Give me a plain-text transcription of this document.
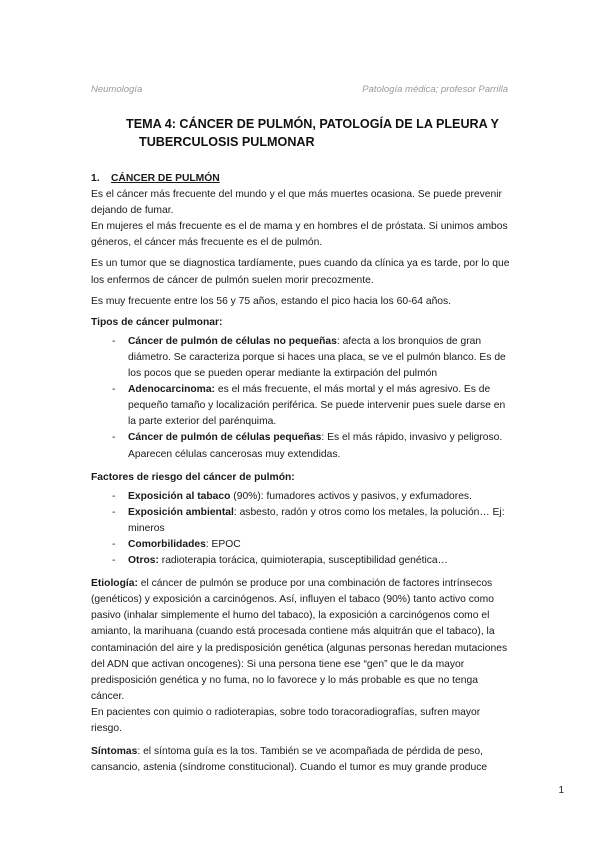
Neumología	Patología médica; profesor Parrilla
TEMA 4: CÁNCER DE PULMÓN, PATOLOGÍA DE LA PLEURA Y
TUBERCULOSIS PULMONAR

1. CÁNCER DE PULMÓN

Es el cáncer más frecuente del mundo y el que más muertes ocasiona. Se puede prevenir dejando de fumar.

En mujeres el más frecuente es el de mama y en hombres el de próstata. Si unimos ambos géneros, el cáncer más frecuente es el de pulmón.

Es un tumor que se diagnostica tardíamente, pues cuando da clínica ya es tarde, por lo que los enfermos de cáncer de pulmón suelen morir precozmente.

Es muy frecuente entre los 56 y 75 años, estando el pico hacia los 60-64 años.

Tipos de cáncer pulmonar:

- Cáncer de pulmón de células no pequeñas: afecta a los bronquios de gran diámetro. Se caracteriza porque si haces una placa, se ve el pulmón blanco. Es de los pocos que se pueden operar mediante la extirpación del pulmón
- Adenocarcinoma: es el más frecuente, el más mortal y el más agresivo. Es de pequeño tamaño y localización periférica. Se puede intervenir pues suele darse en la parte exterior del parénquima.
- Cáncer de pulmón de células pequeñas: Es el más rápido, invasivo y peligroso. Aparecen células cancerosas muy extendidas.

Factores de riesgo del cáncer de pulmón:

- Exposición al tabaco (90%): fumadores activos y pasivos, y exfumadores.
- Exposición ambiental: asbesto, radón y otros como los metales, la polución… Ej: mineros
- Comorbilidades: EPOC
- Otros: radioterapia torácica, quimioterapia, susceptibilidad genética…

Etiología: el cáncer de pulmón se produce por una combinación de factores intrínsecos (genéticos) y exposición a carcinógenos. Así, influyen el tabaco (90%) tanto activo como pasivo (inhalar simplemente el humo del tabaco), la exposición a carcinógenos como el amianto, la marihuana (cuando está procesada contiene más alquitrán que el tabaco), la contaminación del aire y la predisposición genética (algunas personas heredan mutaciones del ADN que activan oncogenes): Si una persona tiene ese “gen” que le da mayor predisposición genética y no fuma, no lo favorece y lo más probable es que no tenga cáncer.

En pacientes con quimio o radioterapias, sobre todo toracoradiografías, sufren mayor riesgo.

Síntomas: el síntoma guía es la tos. También se ve acompañada de pérdida de peso, cansancio, astenia (síndrome constitucional). Cuando el tumor es muy grande produce

1
